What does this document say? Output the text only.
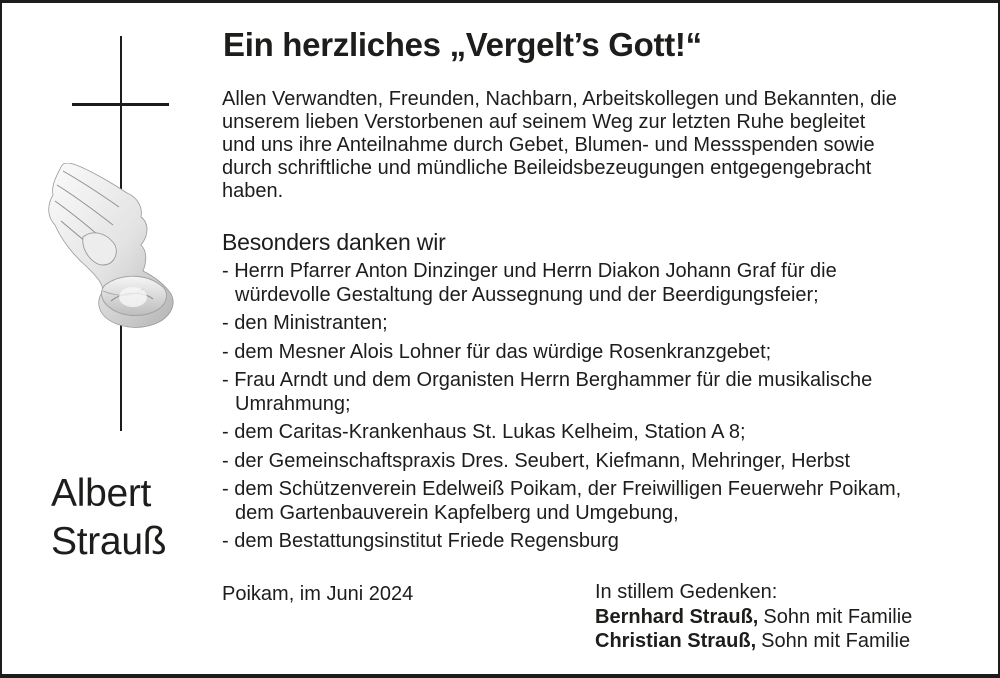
Albert
Strauß
Ein herzliches „Vergelt’s Gott!“

Allen Verwandten, Freunden, Nachbarn, Arbeitskollegen und Bekannten, die unserem lieben Verstorbenen auf seinem Weg zur letzten Ruhe begleitet und uns ihre Anteilnahme durch Gebet, Blumen- und Messspenden sowie durch schriftliche und mündliche Beileidsbezeugungen entgegengebracht haben.

Besonders danken wir
- Herrn Pfarrer Anton Dinzinger und Herrn Diakon Johann Graf für die würdevolle Gestaltung der Aussegnung und der Beerdigungsfeier;
- den Ministranten;
- dem Mesner Alois Lohner für das würdige Rosenkranzgebet;
- Frau Arndt und dem Organisten Herrn Berghammer für die musikalische Umrahmung;
- dem Caritas-Krankenhaus St. Lukas Kelheim, Station A 8;
- der Gemeinschaftspraxis Dres. Seubert, Kiefmann, Mehringer, Herbst
- dem Schützenverein Edelweiß Poikam, der Freiwilligen Feuerwehr Poikam, dem Gartenbauverein Kapfelberg und Umgebung,
- dem Bestattungsinstitut Friede Regensburg
Poikam, im Juni 2024	In stillem Gedenken:
Bernhard Strauß, Sohn mit Familie
Christian Strauß, Sohn mit Familie
